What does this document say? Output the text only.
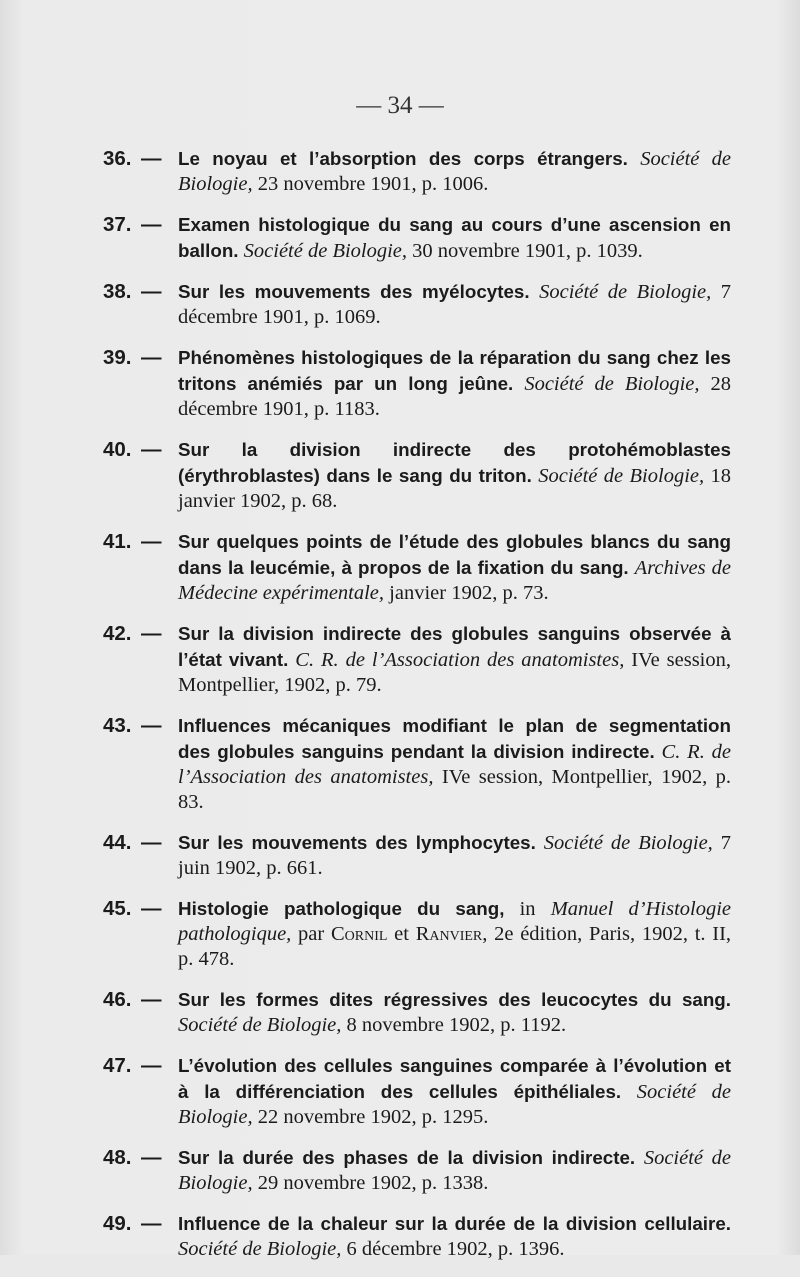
— 34 —
36. — Le noyau et l’absorption des corps étrangers. Société de Biologie, 23 novembre 1901, p. 1006.
37. — Examen histologique du sang au cours d’une ascension en ballon. Société de Biologie, 30 novembre 1901, p. 1039.
38. — Sur les mouvements des myélocytes. Société de Biologie, 7 décembre 1901, p. 1069.
39. — Phénomènes histologiques de la réparation du sang chez les tritons anémiés par un long jeûne. Société de Biologie, 28 décembre 1901, p. 1183.
40. — Sur la division indirecte des protohémoblastes (érythroblastes) dans le sang du triton. Société de Biologie, 18 janvier 1902, p. 68.
41. — Sur quelques points de l’étude des globules blancs du sang dans la leucémie, à propos de la fixation du sang. Archives de Médecine expérimentale, janvier 1902, p. 73.
42. — Sur la division indirecte des globules sanguins observée à l’état vivant. C. R. de l’Association des anatomistes, IVe session, Montpellier, 1902, p. 79.
43. — Influences mécaniques modifiant le plan de segmentation des globules sanguins pendant la division indirecte. C. R. de l’Association des anatomistes, IVe session, Montpellier, 1902, p. 83.
44. — Sur les mouvements des lymphocytes. Société de Biologie, 7 juin 1902, p. 661.
45. — Histologie pathologique du sang, in Manuel d’Histologie pathologique, par Cornil et Ranvier, 2e édition, Paris, 1902, t. II, p. 478.
46. — Sur les formes dites régressives des leucocytes du sang. Société de Biologie, 8 novembre 1902, p. 1192.
47. — L’évolution des cellules sanguines comparée à l’évolution et à la différenciation des cellules épithéliales. Société de Biologie, 22 novembre 1902, p. 1295.
48. — Sur la durée des phases de la division indirecte. Société de Biologie, 29 novembre 1902, p. 1338.
49. — Influence de la chaleur sur la durée de la division cellulaire. Société de Biologie, 6 décembre 1902, p. 1396.
